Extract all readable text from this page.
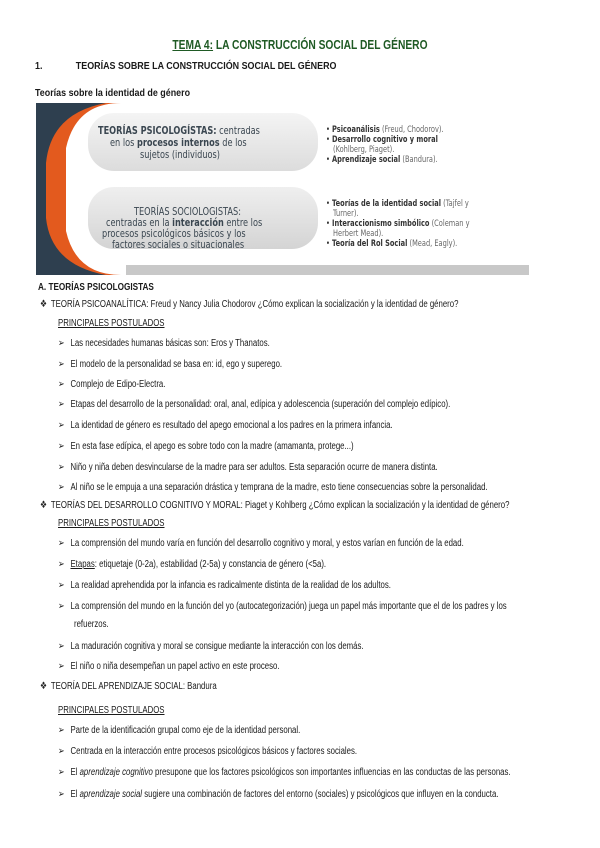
TEMA 4: LA CONSTRUCCIÓN SOCIAL DEL GÉNERO
1.	TEORÍAS SOBRE LA CONSTRUCCIÓN SOCIAL DEL GÉNERO
Teorías sobre la identidad de género
TEORÍAS PSICOLOGÍSTAS: centradas
en los procesos internos de los
sujetos (individuos)
• Psicoanálisis (Freud, Chodorov).
• Desarrollo cognitivo y moral
(Kohlberg, Piaget).
• Aprendizaje social (Bandura).
TEORÍAS SOCIOLOGISTAS:
centradas en la interacción entre los
procesos psicológicos básicos y los
factores sociales o situacionales
• Teorías de la identidad social (Tajfel y
Turner).
• Interaccionismo simbólico (Coleman y
Herbert Mead).
• Teoría del Rol Social (Mead, Eagly).
A. TEORÍAS PSICOLOGISTAS
❖ TEORÍA PSICOANALÍTICA: Freud y Nancy Julia Chodorov ¿Cómo explican la socialización y la identidad de género?
PRINCIPALES POSTULADOS
➢ Las necesidades humanas básicas son: Eros y Thanatos.
➢ El modelo de la personalidad se basa en: id, ego y superego.
➢ Complejo de Edipo-Electra.
➢ Etapas del desarrollo de la personalidad: oral, anal, edípica y adolescencia (superación del complejo edípico).
➢ La identidad de género es resultado del apego emocional a los padres en la primera infancia.
➢ En esta fase edípica, el apego es sobre todo con la madre (amamanta, protege...)
➢ Niño y niña deben desvincularse de la madre para ser adultos. Esta separación ocurre de manera distinta.
➢ Al niño se le empuja a una separación drástica y temprana de la madre, esto tiene consecuencias sobre la personalidad.
❖ TEORÍAS DEL DESARROLLO COGNITIVO Y MORAL: Piaget y Kohlberg ¿Cómo explican la socialización y la identidad de género?
PRINCIPALES POSTULADOS
➢ La comprensión del mundo varía en función del desarrollo cognitivo y moral, y estos varían en función de la edad.
➢ Etapas: etiquetaje (0-2a), estabilidad (2-5a) y constancia de género (<5a).
➢ La realidad aprehendida por la infancia es radicalmente distinta de la realidad de los adultos.
➢ La comprensión del mundo en la función del yo (autocategorización) juega un papel más importante que el de los padres y los
refuerzos.
➢ La maduración cognitiva y moral se consigue mediante la interacción con los demás.
➢ El niño o niña desempeñan un papel activo en este proceso.
❖ TEORÍA DEL APRENDIZAJE SOCIAL: Bandura
PRINCIPALES POSTULADOS
➢ Parte de la identificación grupal como eje de la identidad personal.
➢ Centrada en la interacción entre procesos psicológicos básicos y factores sociales.
➢ El aprendizaje cognitivo presupone que los factores psicológicos son importantes influencias en las conductas de las personas.
➢ El aprendizaje social sugiere una combinación de factores del entorno (sociales) y psicológicos que influyen en la conducta.
